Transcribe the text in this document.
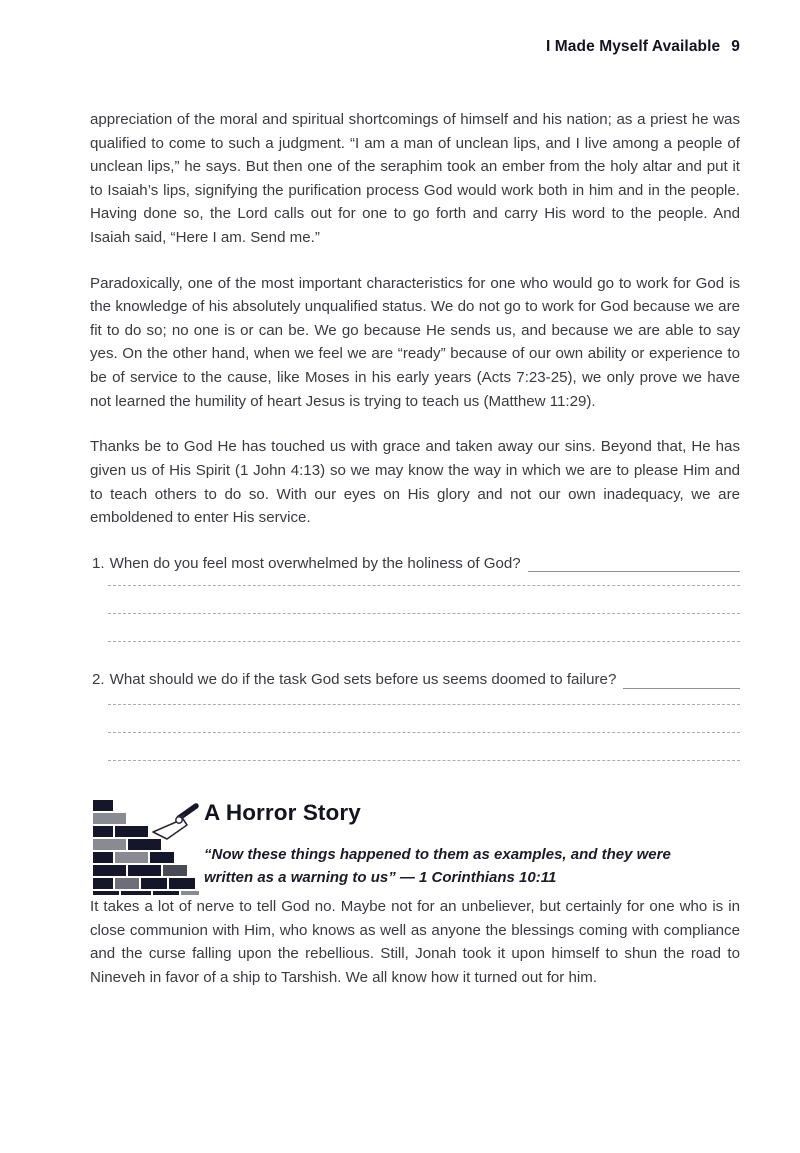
I Made Myself Available 9

appreciation of the moral and spiritual shortcomings of himself and his nation; as a priest he was qualified to come to such a judgment. “I am a man of unclean lips, and I live among a people of unclean lips,” he says. But then one of the seraphim took an ember from the holy altar and put it to Isaiah’s lips, signifying the purification process God would work both in him and in the people. Having done so, the Lord calls out for one to go forth and carry His word to the people. And Isaiah said, “Here I am. Send me.”

Paradoxically, one of the most important characteristics for one who would go to work for God is the knowledge of his absolutely unqualified status. We do not go to work for God because we are fit to do so; no one is or can be. We go because He sends us, and because we are able to say yes. On the other hand, when we feel we are “ready” because of our own ability or experience to be of service to the cause, like Moses in his early years (Acts 7:23-25), we only prove we have not learned the humility of heart Jesus is trying to teach us (Matthew 11:29).

Thanks be to God He has touched us with grace and taken away our sins. Beyond that, He has given us of His Spirit (1 John 4:13) so we may know the way in which we are to please Him and to teach others to do so. With our eyes on His glory and not our own inadequacy, we are emboldened to enter His service.

1. When do you feel most overwhelmed by the holiness of God?
2. What should we do if the task God sets before us seems doomed to failure?
A Horror Story

“Now these things happened to them as examples, and they were
written as a warning to us” — 1 Corinthians 10:11

It takes a lot of nerve to tell God no. Maybe not for an unbeliever, but certainly for one who is in close communion with Him, who knows as well as anyone the blessings coming with compliance and the curse falling upon the rebellious. Still, Jonah took it upon himself to shun the road to Nineveh in favor of a ship to Tarshish. We all know how it turned out for him.
